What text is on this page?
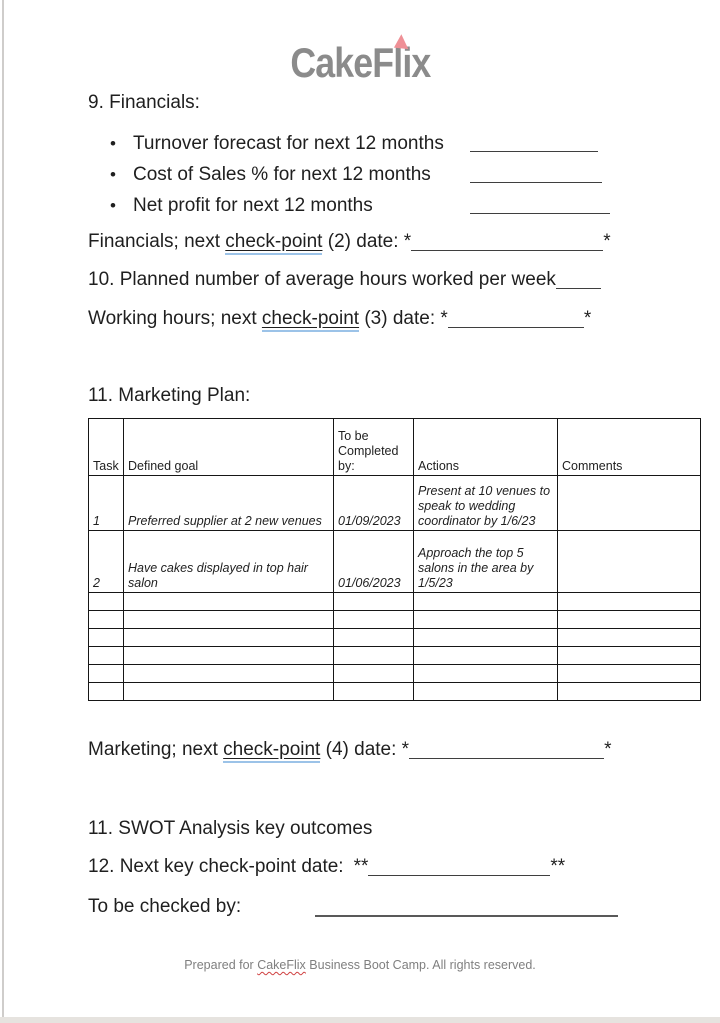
CakeFlix
9. Financials:
• Turnover forecast for next 12 months
• Cost of Sales % for next 12 months
• Net profit for next 12 months
Financials; next check-point (2) date: *	*
10. Planned number of average hours worked per week
Working hours; next check-point (3) date: *	*
11. Marketing Plan:
Task	Defined goal	To be Completed by:	Actions	Comments
1	Preferred supplier at 2 new venues	01/09/2023	Present at 10 venues to speak to wedding coordinator by 1/6/23	
2	Have cakes displayed in top hair salon	01/06/2023	Approach the top 5 salons in the area by 1/5/23	

Marketing; next check-point (4) date: *	*
11. SWOT Analysis key outcomes
12. Next key check-point date: **	**
To be checked by:
Prepared for CakeFlix Business Boot Camp. All rights reserved.
